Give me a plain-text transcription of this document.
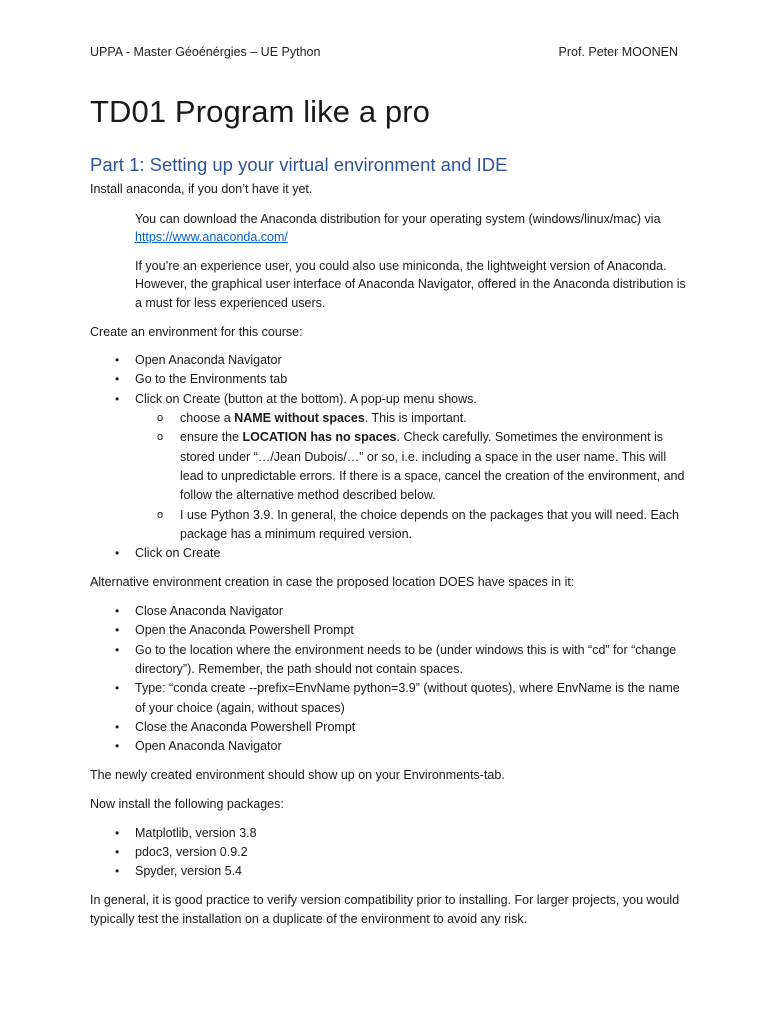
UPPA - Master Géoénérgies – UE Python	Prof. Peter MOONEN
TD01 Program like a pro
Part 1: Setting up your virtual environment and IDE

Install anaconda, if you don’t have it yet.

You can download the Anaconda distribution for your operating system (windows/linux/mac) via https://www.anaconda.com/

If you’re an experience user, you could also use miniconda, the lightweight version of Anaconda. However, the graphical user interface of Anaconda Navigator, offered in the Anaconda distribution is a must for less experienced users.

Create an environment for this course:

• Open Anaconda Navigator
• Go to the Environments tab
• Click on Create (button at the bottom). A pop-up menu shows.
o choose a NAME without spaces. This is important.
o ensure the LOCATION has no spaces. Check carefully. Sometimes the environment is stored under “…/Jean Dubois/…” or so, i.e. including a space in the user name. This will lead to unpredictable errors. If there is a space, cancel the creation of the environment, and follow the alternative method described below.
o I use Python 3.9. In general, the choice depends on the packages that you will need. Each package has a minimum required version.
• Click on Create

Alternative environment creation in case the proposed location DOES have spaces in it:

• Close Anaconda Navigator
• Open the Anaconda Powershell Prompt
• Go to the location where the environment needs to be (under windows this is with “cd” for “change directory”). Remember, the path should not contain spaces.
• Type: “conda create --prefix=EnvName python=3.9” (without quotes), where EnvName is the name of your choice (again, without spaces)
• Close the Anaconda Powershell Prompt
• Open Anaconda Navigator

The newly created environment should show up on your Environments-tab.

Now install the following packages:

• Matplotlib, version 3.8
• pdoc3, version 0.9.2
• Spyder, version 5.4

In general, it is good practice to verify version compatibility prior to installing. For larger projects, you would typically test the installation on a duplicate of the environment to avoid any risk.
